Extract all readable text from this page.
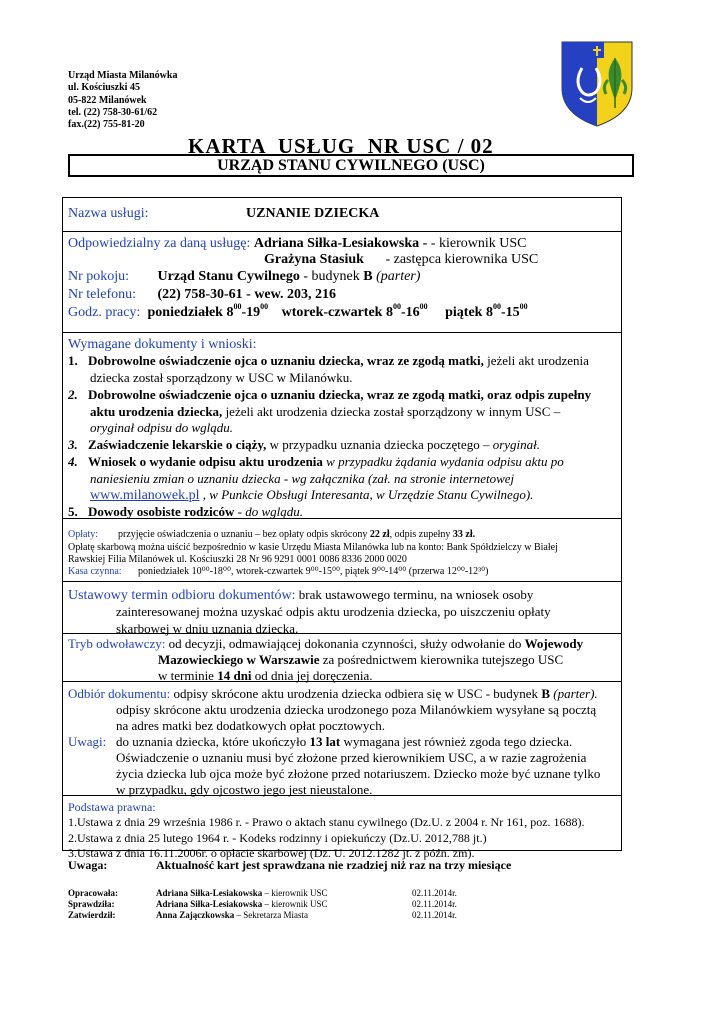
Urząd Miasta Milanówka
ul. Kościuszki 45
05-822 Milanówek
tel. (22) 758-30-61/62
fax.(22) 755-81-20
KARTA  USŁUG  NR USC / 02
URZĄD STANU CYWILNEGO (USC)
Nazwa usługi:	UZNANIE DZIECKA
Odpowiedzialny za daną usługę: Adriana Siłka-Lesiakowska - - kierownik USC
Grażyna Stasiuk - zastępca kierownika USC
Nr pokoju: Urząd Stanu Cywilnego - budynek B (parter)
Nr telefonu: (22) 758-30-61 - wew. 203, 216
Godz. pracy: poniedziałek $8^{00}-19^{00}$ wtorek-czwartek $8^{00}-16^{00}$ piątek $8^{00}-15^{00}$
Wymagane dokumenty i wnioski:
1. Dobrowolne oświadczenie ojca o uznaniu dziecka, wraz ze zgodą matki, jeżeli akt urodzenia
dziecka został sporządzony w USC w Milanówku.
2. Dobrowolne oświadczenie ojca o uznaniu dziecka, wraz ze zgodą matki, oraz odpis zupełny
aktu urodzenia dziecka, jeżeli akt urodzenia dziecka został sporządzony w innym USC –
oryginał odpisu do wglądu.
3. Zaświadczenie lekarskie o ciąży, w przypadku uznania dziecka poczętego – oryginał.
4. Wniosek o wydanie odpisu aktu urodzenia w przypadku żądania wydania odpisu aktu po
naniesieniu zmian o uznaniu dziecka - wg załącznika (zał. na stronie internetowej
www.milanowek.pl , w Punkcie Obsługi Interesanta, w Urzędzie Stanu Cywilnego).
5. Dowody osobiste rodziców - do wglądu.
Opłaty: przyjęcie oświadczenia o uznaniu – bez opłaty odpis skrócony 22 zł, odpis zupełny 33 zł.
Opłatę skarbową można uiścić bezpośrednio w kasie Urzędu Miasta Milanówka lub na konto: Bank Spółdzielczy w Białej
Rawskiej Filia Milanówek ul. Kościuszki 28 Nr 96 9291 0001 0086 8336 2000 0020
Kasa czynna: poniedziałek 10⁰⁰-18⁰⁰, wtorek-czwartek 9⁰⁰-15⁰⁰, piątek 9⁰⁰-14⁰⁰ (przerwa 12⁰⁰-12³⁰)
Ustawowy termin odbioru dokumentów: brak ustawowego terminu, na wniosek osoby
zainteresowanej można uzyskać odpis aktu urodzenia dziecka, po uiszczeniu opłaty
skarbowej w dniu uznania dziecka.
Tryb odwoławczy: od decyzji, odmawiającej dokonania czynności, służy odwołanie do Wojewody
Mazowieckiego w Warszawie za pośrednictwem kierownika tutejszego USC
w terminie 14 dni od dnia jej doręczenia.
Odbiór dokumentu: odpisy skrócone aktu urodzenia dziecka odbiera się w USC - budynek B (parter).
odpisy skrócone aktu urodzenia dziecka urodzonego poza Milanówkiem wysyłane są pocztą
na adres matki bez dodatkowych opłat pocztowych.
Uwagi: do uznania dziecka, które ukończyło 13 lat wymagana jest również zgoda tego dziecka.
Oświadczenie o uznaniu musi być złożone przed kierownikiem USC, a w razie zagrożenia
życia dziecka lub ojca może być złożone przed notariuszem. Dziecko może być uznane tylko
w przypadku, gdy ojcostwo jego jest nieustalone.
Podstawa prawna:
1.Ustawa z dnia 29 września 1986 r. - Prawo o aktach stanu cywilnego (Dz.U. z 2004 r. Nr 161, poz. 1688).
2.Ustawa z dnia 25 lutego 1964 r. - Kodeks rodzinny i opiekuńczy (Dz.U. 2012,788 jt.)
3.Ustawa z dnia 16.11.2006r. o opłacie skarbowej (Dz. U. 2012.1282 jt. z późn. zm).
Uwaga:	Aktualność kart jest sprawdzana nie rzadziej niż raz na trzy miesiące
Opracowała:	Adriana Siłka-Lesiakowska – kierownik USC	02.11.2014r.
Sprawdziła:	Adriana Siłka-Lesiakowska – kierownik USC	02.11.2014r.
Zatwierdził:	Anna Zajączkowska – Sekretarza Miasta	02.11.2014r.
